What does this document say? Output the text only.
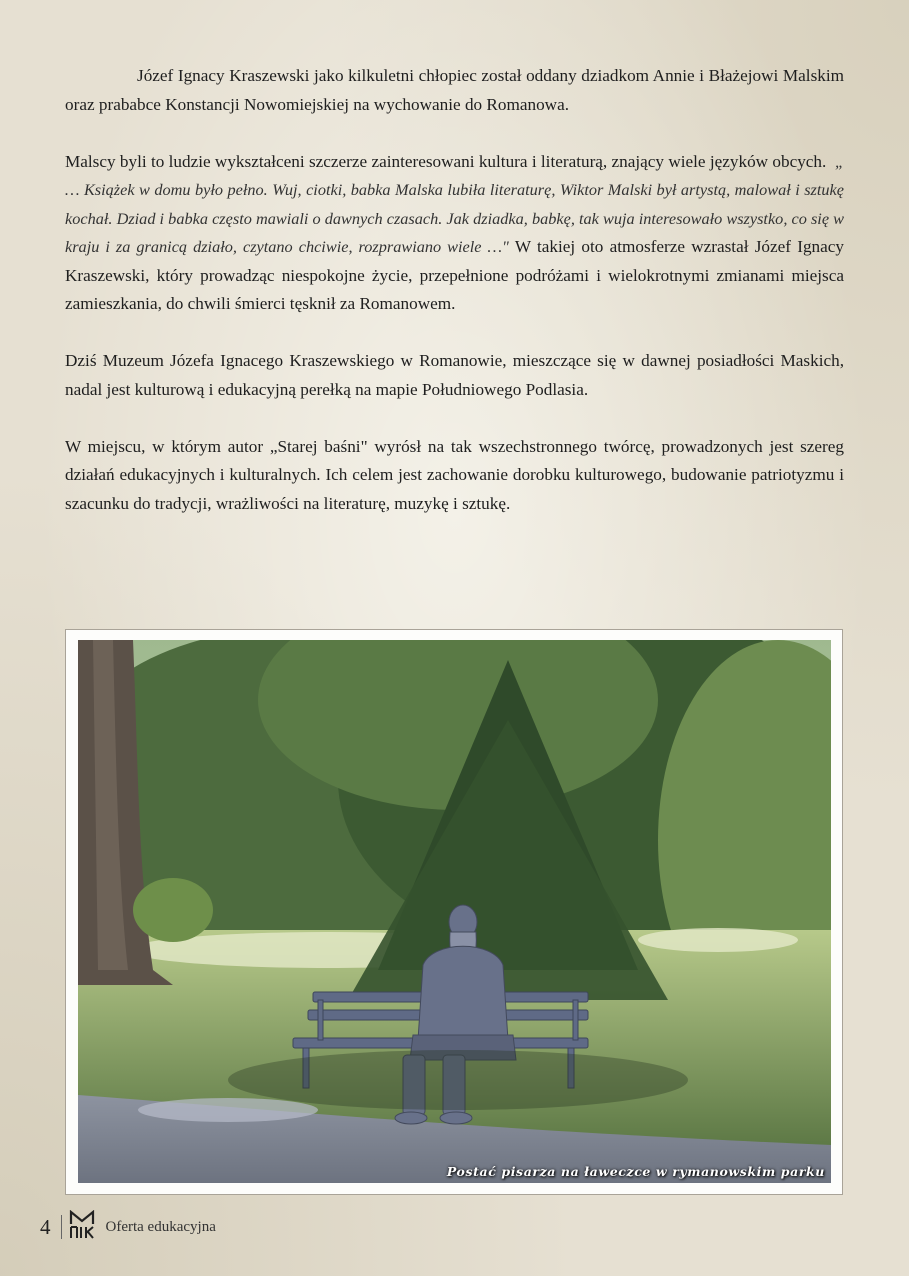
Józef Ignacy Kraszewski jako kilkuletni chłopiec został oddany dziadkom Annie i Błażejowi Malskim oraz prababce Konstancji Nowomiejskiej na wychowanie do Romanowa.

Malscy byli to ludzie wykształceni szczerze zainteresowani kultura i literaturą, znający wiele języków obcych. „ … Książek w domu było pełno. Wuj, ciotki, babka Malska lubiła literaturę, Wiktor Malski był artystą, malował i sztukę kochał. Dziad i babka często mawiali o dawnych czasach. Jak dziadka, babkę, tak wuja interesowało wszystko, co się w kraju i za granicą działo, czytano chciwie, rozprawiano wiele …" W takiej oto atmosferze wzrastał Józef Ignacy Kraszewski, który prowadząc niespokojne życie, przepełnione podróżami i wielokrotnymi zmianami miejsca zamieszkania, do chwili śmierci tęsknił za Romanowem.

Dziś Muzeum Józefa Ignacego Kraszewskiego w Romanowie, mieszczące się w dawnej posiadłości Maskich, nadal jest kulturową i edukacyjną perełką na mapie Południowego Podlasia.

W miejscu, w którym autor „Starej baśni" wyrósł na tak wszechstronnego twórcę, prowadzonych jest szereg działań edukacyjnych i kulturalnych. Ich celem jest zachowanie dorobku kulturowego, budowanie patriotyzmu i szacunku do tradycji, wrażliwości na literaturę, muzykę i sztukę.

Postać pisarza na ławeczce w rymanowskim parku
4	Oferta edukacyjna
